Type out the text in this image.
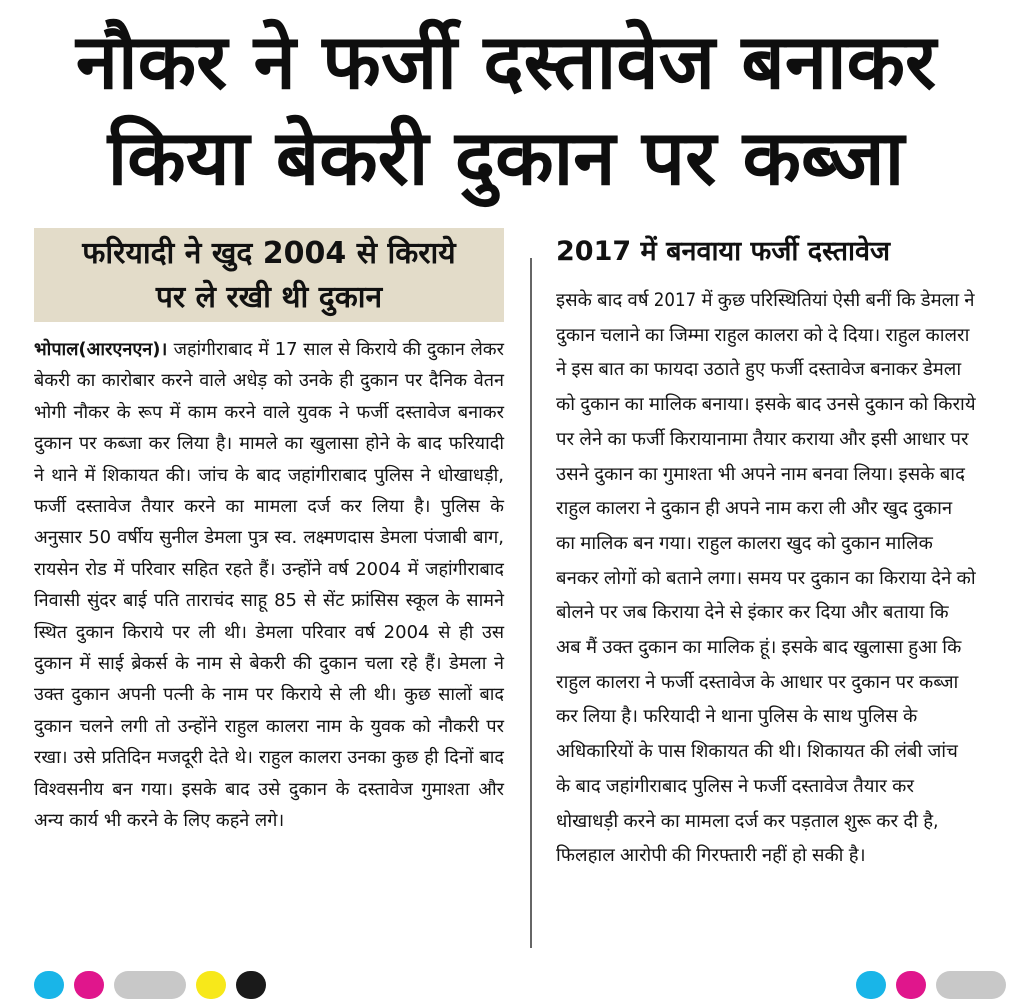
नौकर ने फर्जी दस्तावेज बनाकर
किया बेकरी दुकान पर कब्जा
फरियादी ने खुद 2004 से किराये
पर ले रखी थी दुकान
भोपाल(आरएनएन)। जहांगीराबाद में 17 साल से किराये की दुकान लेकर बेकरी का कारोबार करने वाले अधेड़ को उनके ही दुकान पर दैनिक वेतन भोगी नौकर के रूप में काम करने वाले युवक ने फर्जी दस्तावेज बनाकर दुकान पर कब्जा कर लिया है। मामले का खुलासा होने के बाद फरियादी ने थाने में शिकायत की। जांच के बाद जहांगीराबाद पुलिस ने धोखाधड़ी, फर्जी दस्तावेज तैयार करने का मामला दर्ज कर लिया है। पुलिस के अनुसार 50 वर्षीय सुनील डेमला पुत्र स्व. लक्ष्मणदास डेमला पंजाबी बाग, रायसेन रोड में परिवार सहित रहते हैं। उन्होंने वर्ष 2004 में जहांगीराबाद निवासी सुंदर बाई पति ताराचंद साहू 85 से सेंट फ्रांसिस स्कूल के सामने स्थित दुकान किराये पर ली थी। डेमला परिवार वर्ष 2004 से ही उस दुकान में साई ब्रेकर्स के नाम से बेकरी की दुकान चला रहे हैं। डेमला ने उक्त दुकान अपनी पत्नी के नाम पर किराये से ली थी। कुछ सालों बाद दुकान चलने लगी तो उन्होंने राहुल कालरा नाम के युवक को नौकरी पर रखा। उसे प्रतिदिन मजदूरी देते थे। राहुल कालरा उनका कुछ ही दिनों बाद विश्वसनीय बन गया। इसके बाद उसे दुकान के दस्तावेज गुमाश्ता और अन्य कार्य भी करने के लिए कहने लगे।
2017 में बनवाया फर्जी दस्तावेज
इसके बाद वर्ष 2017 में कुछ परिस्थितियां ऐसी बनीं कि डेमला ने दुकान चलाने का जिम्मा राहुल कालरा को दे दिया। राहुल कालरा ने इस बात का फायदा उठाते हुए फर्जी दस्तावेज बनाकर डेमला को दुकान का मालिक बनाया। इसके बाद उनसे दुकान को किराये पर लेने का फर्जी किरायानामा तैयार कराया और इसी आधार पर उसने दुकान का गुमाश्ता भी अपने नाम बनवा लिया। इसके बाद राहुल कालरा ने दुकान ही अपने नाम करा ली और खुद दुकान का मालिक बन गया। राहुल कालरा खुद को दुकान मालिक बनकर लोगों को बताने लगा। समय पर दुकान का किराया देने को बोलने पर जब किराया देने से इंकार कर दिया और बताया कि अब मैं उक्त दुकान का मालिक हूं। इसके बाद खुलासा हुआ कि राहुल कालरा ने फर्जी दस्तावेज के आधार पर दुकान पर कब्जा कर लिया है। फरियादी ने थाना पुलिस के साथ पुलिस के अधिकारियों के पास शिकायत की थी। शिकायत की लंबी जांच के बाद जहांगीराबाद पुलिस ने फर्जी दस्तावेज तैयार कर धोखाधड़ी करने का मामला दर्ज कर पड़ताल शुरू कर दी है, फिलहाल आरोपी की गिरफ्तारी नहीं हो सकी है।
